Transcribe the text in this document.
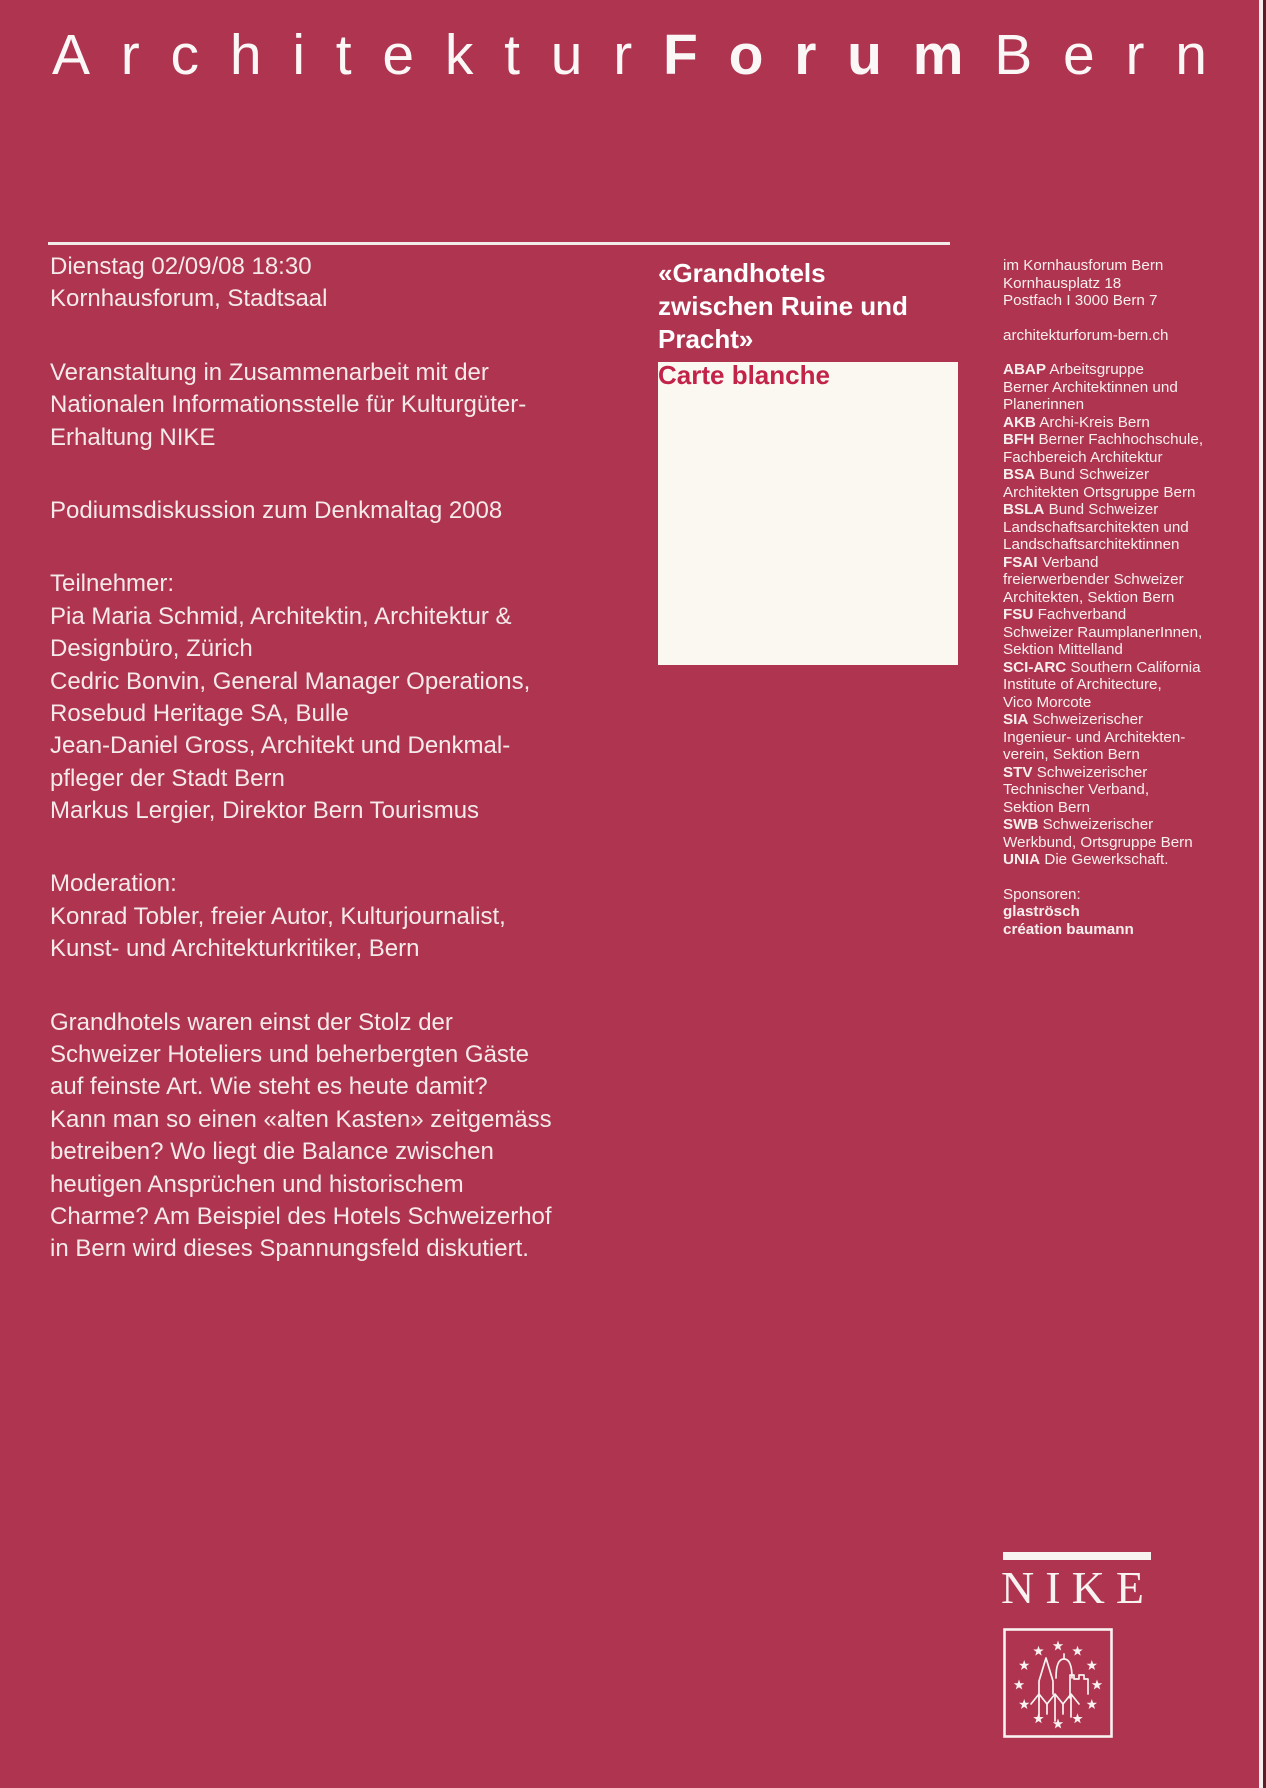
ArchitekturForumBern
Dienstag 02/09/08 18:30
Kornhausforum, Stadtsaal
Veranstaltung in Zusammenarbeit mit der
Nationalen Informationsstelle für Kulturgüter-
Erhaltung NIKE
Podiumsdiskussion zum Denkmaltag 2008
Teilnehmer:
Pia Maria Schmid, Architektin, Architektur &
Designbüro, Zürich
Cedric Bonvin, General Manager Operations,
Rosebud Heritage SA, Bulle
Jean-Daniel Gross, Architekt und Denkmal-
pfleger der Stadt Bern
Markus Lergier, Direktor Bern Tourismus
Moderation:
Konrad Tobler, freier Autor, Kulturjournalist,
Kunst- und Architekturkritiker, Bern
Grandhotels waren einst der Stolz der
Schweizer Hoteliers und beherbergten Gäste
auf feinste Art. Wie steht es heute damit?
Kann man so einen «alten Kasten» zeitgemäss
betreiben? Wo liegt die Balance zwischen
heutigen Ansprüchen und historischem
Charme? Am Beispiel des Hotels Schweizerhof
in Bern wird dieses Spannungsfeld diskutiert.
«Grandhotels
zwischen Ruine und
Pracht»
Carte blanche
im Kornhausforum Bern
Kornhausplatz 18
Postfach I 3000 Bern 7
architekturforum-bern.ch
ABAP Arbeitsgruppe
Berner Architektinnen und
Planerinnen
AKB Archi-Kreis Bern
BFH Berner Fachhochschule,
Fachbereich Architektur
BSA Bund Schweizer
Architekten Ortsgruppe Bern
BSLA Bund Schweizer
Landschaftsarchitekten und
Landschaftsarchitektinnen
FSAI Verband
freierwerbender Schweizer
Architekten, Sektion Bern
FSU Fachverband
Schweizer RaumplanerInnen,
Sektion Mittelland
SCI-ARC Southern California
Institute of Architecture,
Vico Morcote
SIA Schweizerischer
Ingenieur- und Architekten-
verein, Sektion Bern
STV Schweizerischer
Technischer Verband,
Sektion Bern
SWB Schweizerischer
Werkbund, Ortsgruppe Bern
UNIA Die Gewerkschaft.
Sponsoren:
glaströsch
création baumann
NIKE
